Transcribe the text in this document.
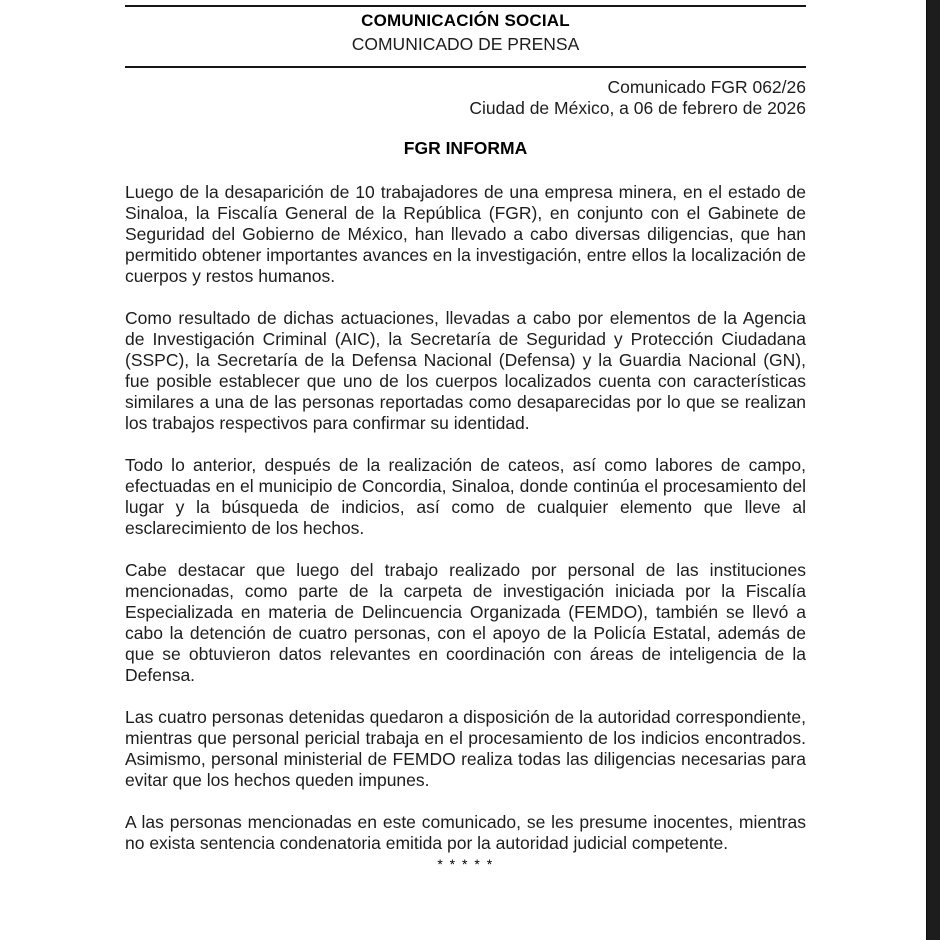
COMUNICACIÓN SOCIAL
COMUNICADO DE PRENSA
Comunicado FGR 062/26
Ciudad de México, a 06 de febrero de 2026
FGR INFORMA
Luego de la desaparición de 10 trabajadores de una empresa minera, en el estado de Sinaloa, la Fiscalía General de la República (FGR), en conjunto con el Gabinete de Seguridad del Gobierno de México, han llevado a cabo diversas diligencias, que han permitido obtener importantes avances en la investigación, entre ellos la localización de cuerpos y restos humanos.
Como resultado de dichas actuaciones, llevadas a cabo por elementos de la Agencia de Investigación Criminal (AIC), la Secretaría de Seguridad y Protección Ciudadana (SSPC), la Secretaría de la Defensa Nacional (Defensa) y la Guardia Nacional (GN), fue posible establecer que uno de los cuerpos localizados cuenta con características similares a una de las personas reportadas como desaparecidas por lo que se realizan los trabajos respectivos para confirmar su identidad.
Todo lo anterior, después de la realización de cateos, así como labores de campo, efectuadas en el municipio de Concordia, Sinaloa, donde continúa el procesamiento del lugar y la búsqueda de indicios, así como de cualquier elemento que lleve al esclarecimiento de los hechos.
Cabe destacar que luego del trabajo realizado por personal de las instituciones mencionadas, como parte de la carpeta de investigación iniciada por la Fiscalía Especializada en materia de Delincuencia Organizada (FEMDO), también se llevó a cabo la detención de cuatro personas, con el apoyo de la Policía Estatal, además de que se obtuvieron datos relevantes en coordinación con áreas de inteligencia de la Defensa.
Las cuatro personas detenidas quedaron a disposición de la autoridad correspondiente, mientras que personal pericial trabaja en el procesamiento de los indicios encontrados. Asimismo, personal ministerial de FEMDO realiza todas las diligencias necesarias para evitar que los hechos queden impunes.
A las personas mencionadas en este comunicado, se les presume inocentes, mientras no exista sentencia condenatoria emitida por la autoridad judicial competente.
* * * * *
